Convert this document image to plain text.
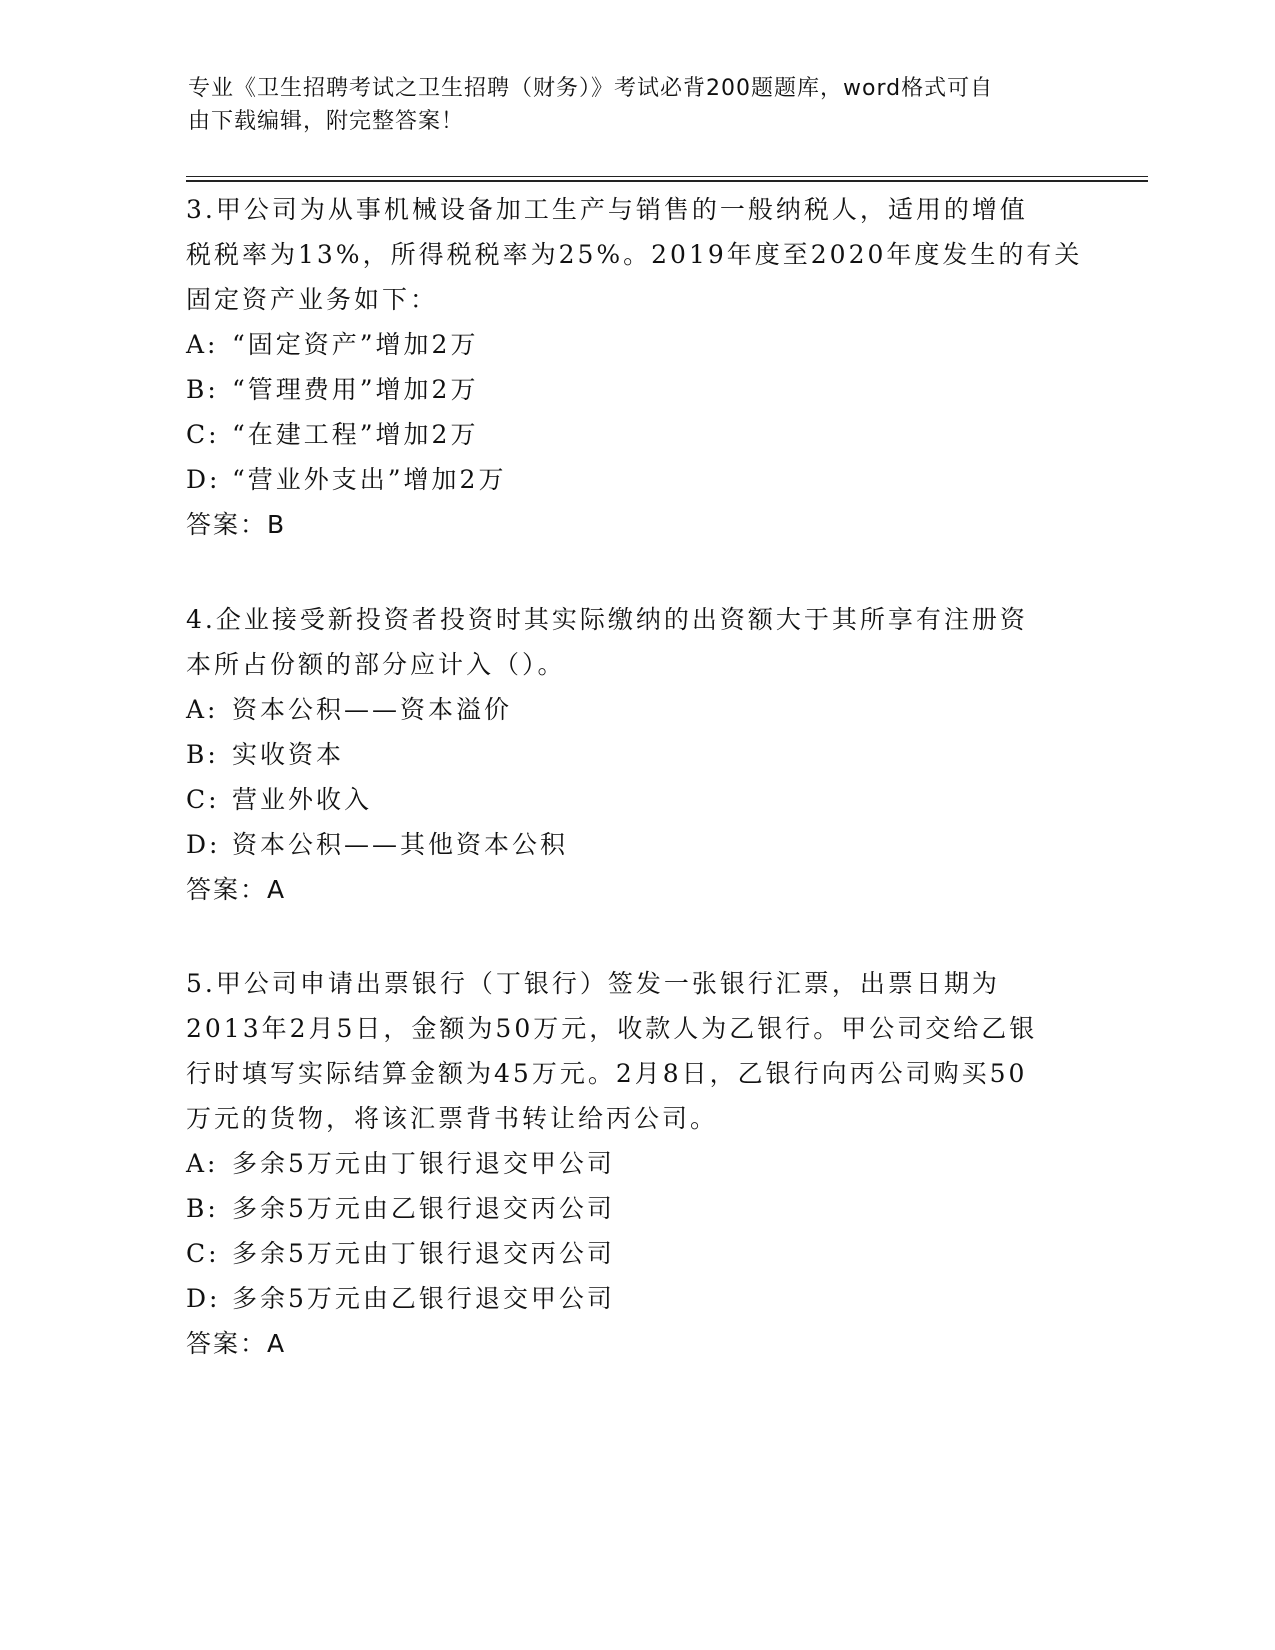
专业《卫生招聘考试之卫生招聘（财务）》考试必背200题题库，word格式可自
由下载编辑，附完整答案！

3.甲公司为从事机械设备加工生产与销售的一般纳税人，适用的增值

税税率为13%，所得税税率为25%。2019年度至2020年度发生的有关

固定资产业务如下：

A: “固定资产”增加2万
B: “管理费用”增加2万
C: “在建工程”增加2万
D: “营业外支出”增加2万

答案：B

4.企业接受新投资者投资时其实际缴纳的出资额大于其所享有注册资

本所占份额的部分应计入（）。

A: 资本公积——资本溢价
B: 实收资本
C: 营业外收入
D: 资本公积——其他资本公积

答案：A

5.甲公司申请出票银行（丁银行）签发一张银行汇票，出票日期为

2013年2月5日，金额为50万元，收款人为乙银行。甲公司交给乙银

行时填写实际结算金额为45万元。2月8日，乙银行向丙公司购买50

万元的货物，将该汇票背书转让给丙公司。

A: 多余5万元由丁银行退交甲公司
B: 多余5万元由乙银行退交丙公司
C: 多余5万元由丁银行退交丙公司
D: 多余5万元由乙银行退交甲公司

答案：A
